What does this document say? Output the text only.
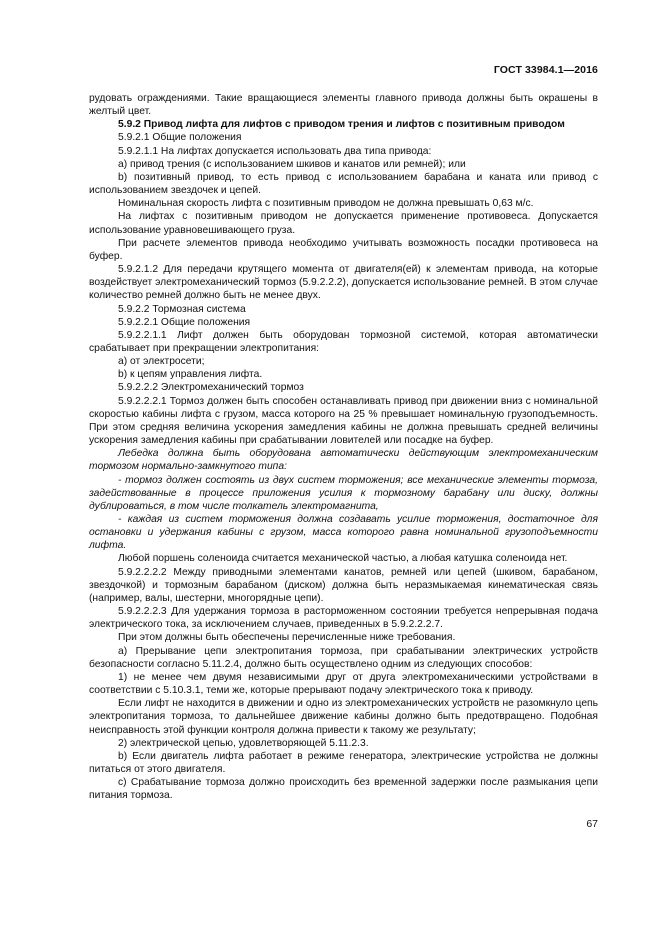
ГОСТ 33984.1—2016

рудовать ограждениями. Такие вращающиеся элементы главного привода должны быть окрашены в желтый цвет.

5.9.2 Привод лифта для лифтов с приводом трения и лифтов с позитивным приводом

5.9.2.1 Общие положения

5.9.2.1.1 На лифтах допускается использовать два типа привода:

a) привод трения (с использованием шкивов и канатов или ремней); или

b) позитивный привод, то есть привод с использованием барабана и каната или привод с использованием звездочек и цепей.

Номинальная скорость лифта с позитивным приводом не должна превышать 0,63 м/с.

На лифтах с позитивным приводом не допускается применение противовеса. Допускается использование уравновешивающего груза.

При расчете элементов привода необходимо учитывать возможность посадки противовеса на буфер.

5.9.2.1.2 Для передачи крутящего момента от двигателя(ей) к элементам привода, на которые воздействует электромеханический тормоз (5.9.2.2.2), допускается использование ремней. В этом случае количество ремней должно быть не менее двух.

5.9.2.2 Тормозная система

5.9.2.2.1 Общие положения

5.9.2.2.1.1 Лифт должен быть оборудован тормозной системой, которая автоматически срабатывает при прекращении электропитания:

a) от электросети;

b) к цепям управления лифта.

5.9.2.2.2 Электромеханический тормоз

5.9.2.2.2.1 Тормоз должен быть способен останавливать привод при движении вниз с номинальной скоростью кабины лифта с грузом, масса которого на 25 % превышает номинальную грузоподъемность. При этом средняя величина ускорения замедления кабины не должна превышать средней величины ускорения замедления кабины при срабатывании ловителей или посадке на буфер.

Лебедка должна быть оборудована автоматически действующим электромеханическим тормозом нормально-замкнутого типа:

- тормоз должен состоять из двух систем торможения; все механические элементы тормоза, задействованные в процессе приложения усилия к тормозному барабану или диску, должны дублироваться, в том числе толкатель электромагнита,

- каждая из систем торможения должна создавать усилие торможения, достаточное для остановки и удержания кабины с грузом, масса которого равна номинальной грузоподъемности лифта.

Любой поршень соленоида считается механической частью, а любая катушка соленоида нет.

5.9.2.2.2.2 Между приводными элементами канатов, ремней или цепей (шкивом, барабаном, звездочкой) и тормозным барабаном (диском) должна быть неразмыкаемая кинематическая связь (например, валы, шестерни, многорядные цепи).

5.9.2.2.2.3 Для удержания тормоза в расторможенном состоянии требуется непрерывная подача электрического тока, за исключением случаев, приведенных в 5.9.2.2.2.7.

При этом должны быть обеспечены перечисленные ниже требования.

a) Прерывание цепи электропитания тормоза, при срабатывании электрических устройств безопасности согласно 5.11.2.4, должно быть осуществлено одним из следующих способов:

1) не менее чем двумя независимыми друг от друга электромеханическими устройствами в соответствии с 5.10.3.1, теми же, которые прерывают подачу электрического тока к приводу.

Если лифт не находится в движении и одно из электромеханических устройств не разомкнуло цепь электропитания тормоза, то дальнейшее движение кабины должно быть предотвращено. Подобная неисправность этой функции контроля должна привести к такому же результату;

2) электрической цепью, удовлетворяющей 5.11.2.3.

b) Если двигатель лифта работает в режиме генератора, электрические устройства не должны питаться от этого двигателя.

c) Срабатывание тормоза должно происходить без временной задержки после размыкания цепи питания тормоза.

67
